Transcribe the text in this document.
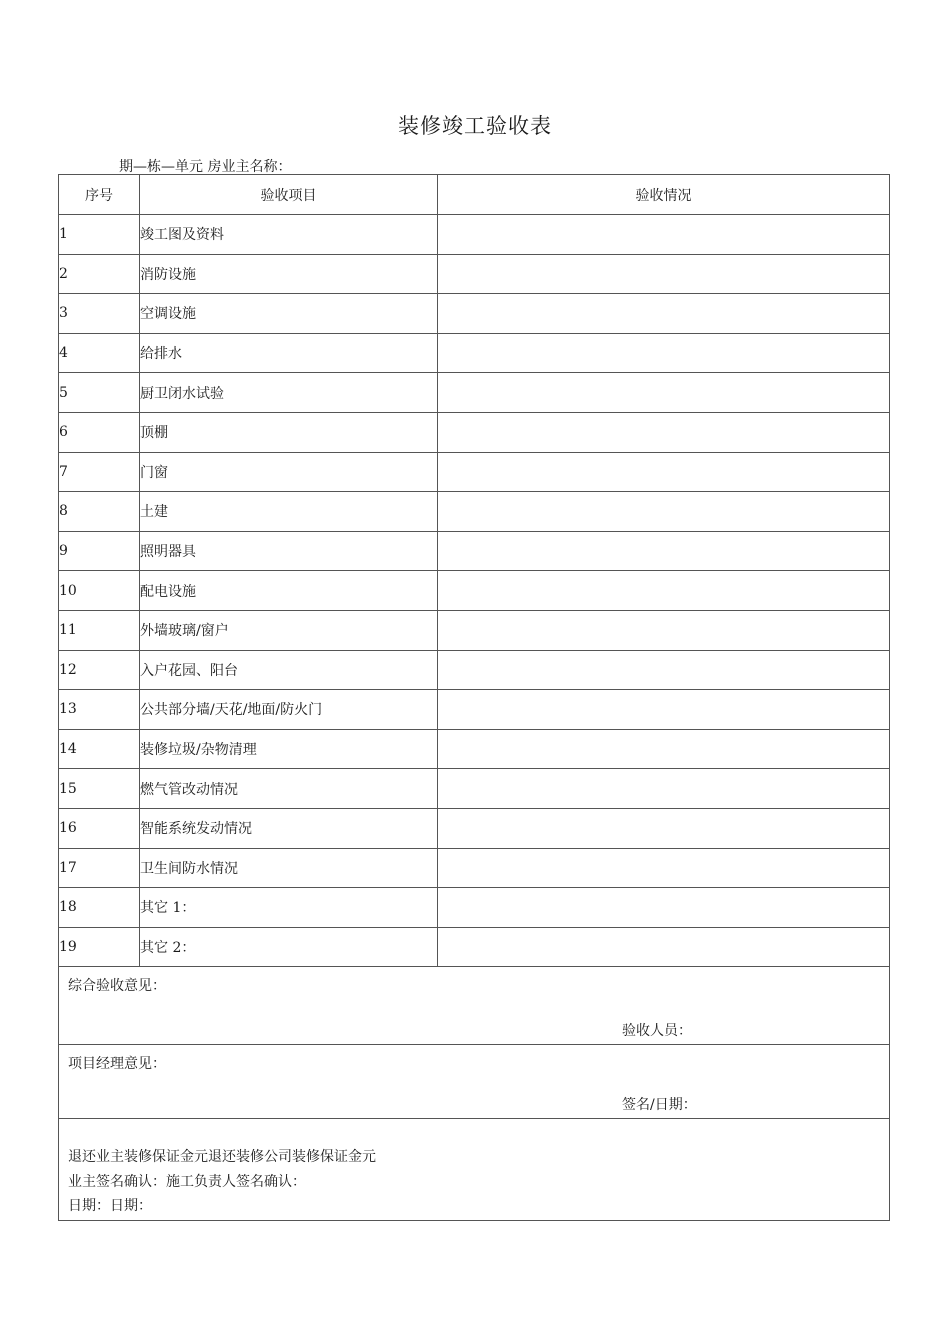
装修竣工验收表
期—栋—单元 房业主名称：
序号	验收项目	验收情况
1	竣工图及资料	
2	消防设施	
3	空调设施	
4	给排水	
5	厨卫闭水试验	
6	顶棚	
7	门窗	
8	土建	
9	照明器具	
10	配电设施	
11	外墙玻璃/窗户	
12	入户花园、阳台	
13	公共部分墙/天花/地面/防火门	
14	装修垃圾/杂物清理	
15	燃气管改动情况	
16	智能系统发动情况	
17	卫生间防水情况	
18	其它 1：	
19	其它 2：	

综合验收意见：
验收人员：		

项目经理意见：
签名/日期：		

退还业主装修保证金元退还装修公司装修保证金元
业主签名确认：施工负责人签名确认：
日期：日期：		
